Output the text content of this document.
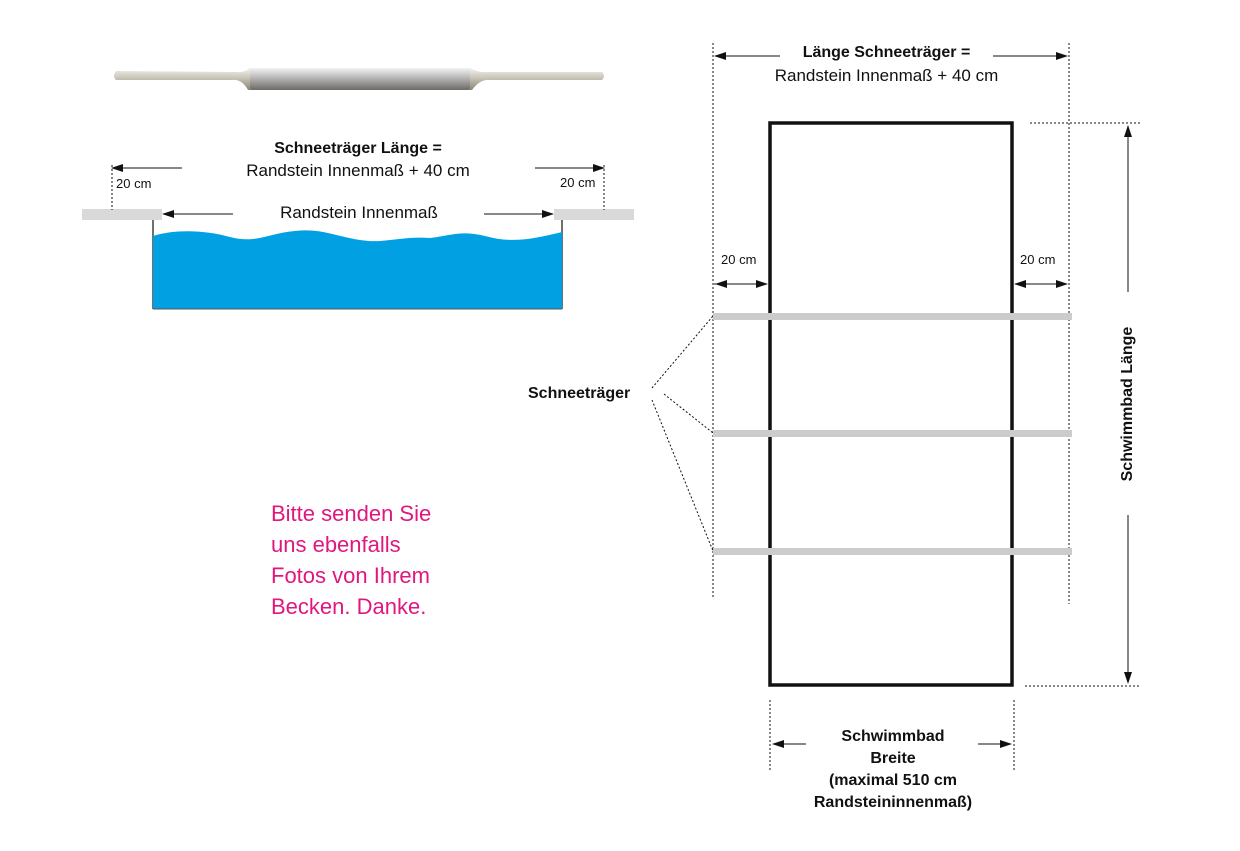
Schneeträger Länge =
Randstein Innenmaß + 40 cm
20 cm	20 cm
Randstein Innenmaß
Länge Schneeträger =
Randstein Innenmaß + 40 cm
20 cm	20 cm
Schneeträger	Schwimmbad Länge
Schwimmbad
Breite
(maximal 510 cm
Randsteininnenmaß)
Bitte senden Sie
uns ebenfalls
Fotos von Ihrem
Becken. Danke.
